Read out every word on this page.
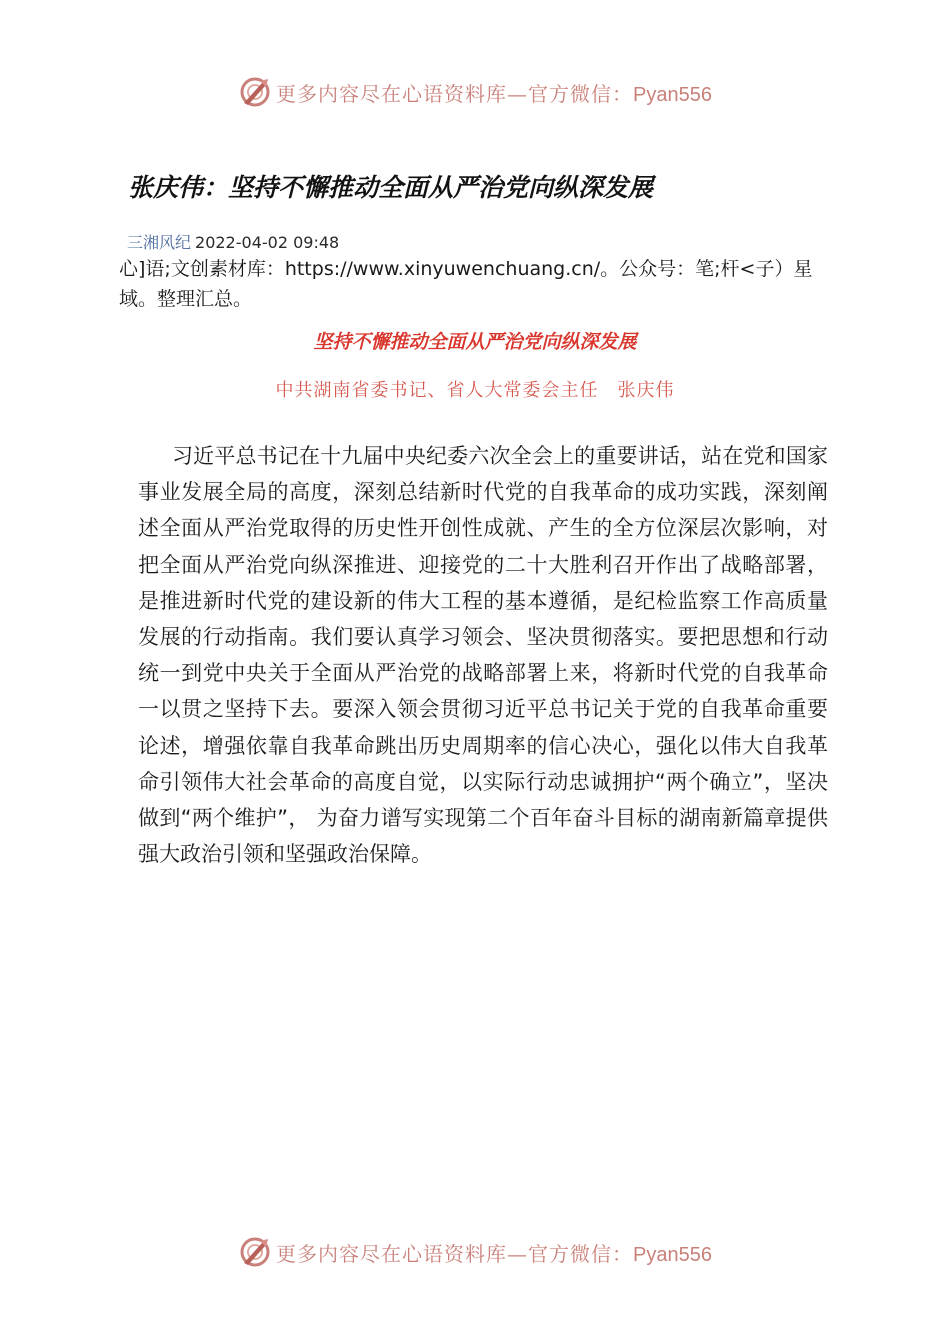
更多内容尽在心语资料库—官方微信：Pyan556
张庆伟：坚持不懈推动全面从严治党向纵深发展
三湘风纪 2022-04-02 09:48
心]语;文创素材库：https://www.xinyuwenchuang.cn/。公众号：笔;杆<子）星域。整理汇总。
坚持不懈推动全面从严治党向纵深发展
中共湖南省委书记、省人大常委会主任　张庆伟

习近平总书记在十九届中央纪委六次全会上的重要讲话，站在党和国家事业发展全局的高度，深刻总结新时代党的自我革命的成功实践，深刻阐述全面从严治党取得的历史性开创性成就、产生的全方位深层次影响，对把全面从严治党向纵深推进、迎接党的二十大胜利召开作出了战略部署， 是推进新时代党的建设新的伟大工程的基本遵循，是纪检监察工作高质量发展的行动指南。我们要认真学习领会、坚决贯彻落实。要把思想和行动统一到党中央关于全面从严治党的战略部署上来，将新时代党的自我革命一以贯之坚持下去。要深入领会贯彻习近平总书记关于党的自我革命重要论述，增强依靠自我革命跳出历史周期率的信心决心，强化以伟大自我革命引领伟大社会革命的高度自觉，以实际行动忠诚拥护“两个确立”，坚决做到“两个维护”， 为奋力谱写实现第二个百年奋斗目标的湖南新篇章提供强大政治引领和坚强政治保障。

更多内容尽在心语资料库—官方微信：Pyan556
